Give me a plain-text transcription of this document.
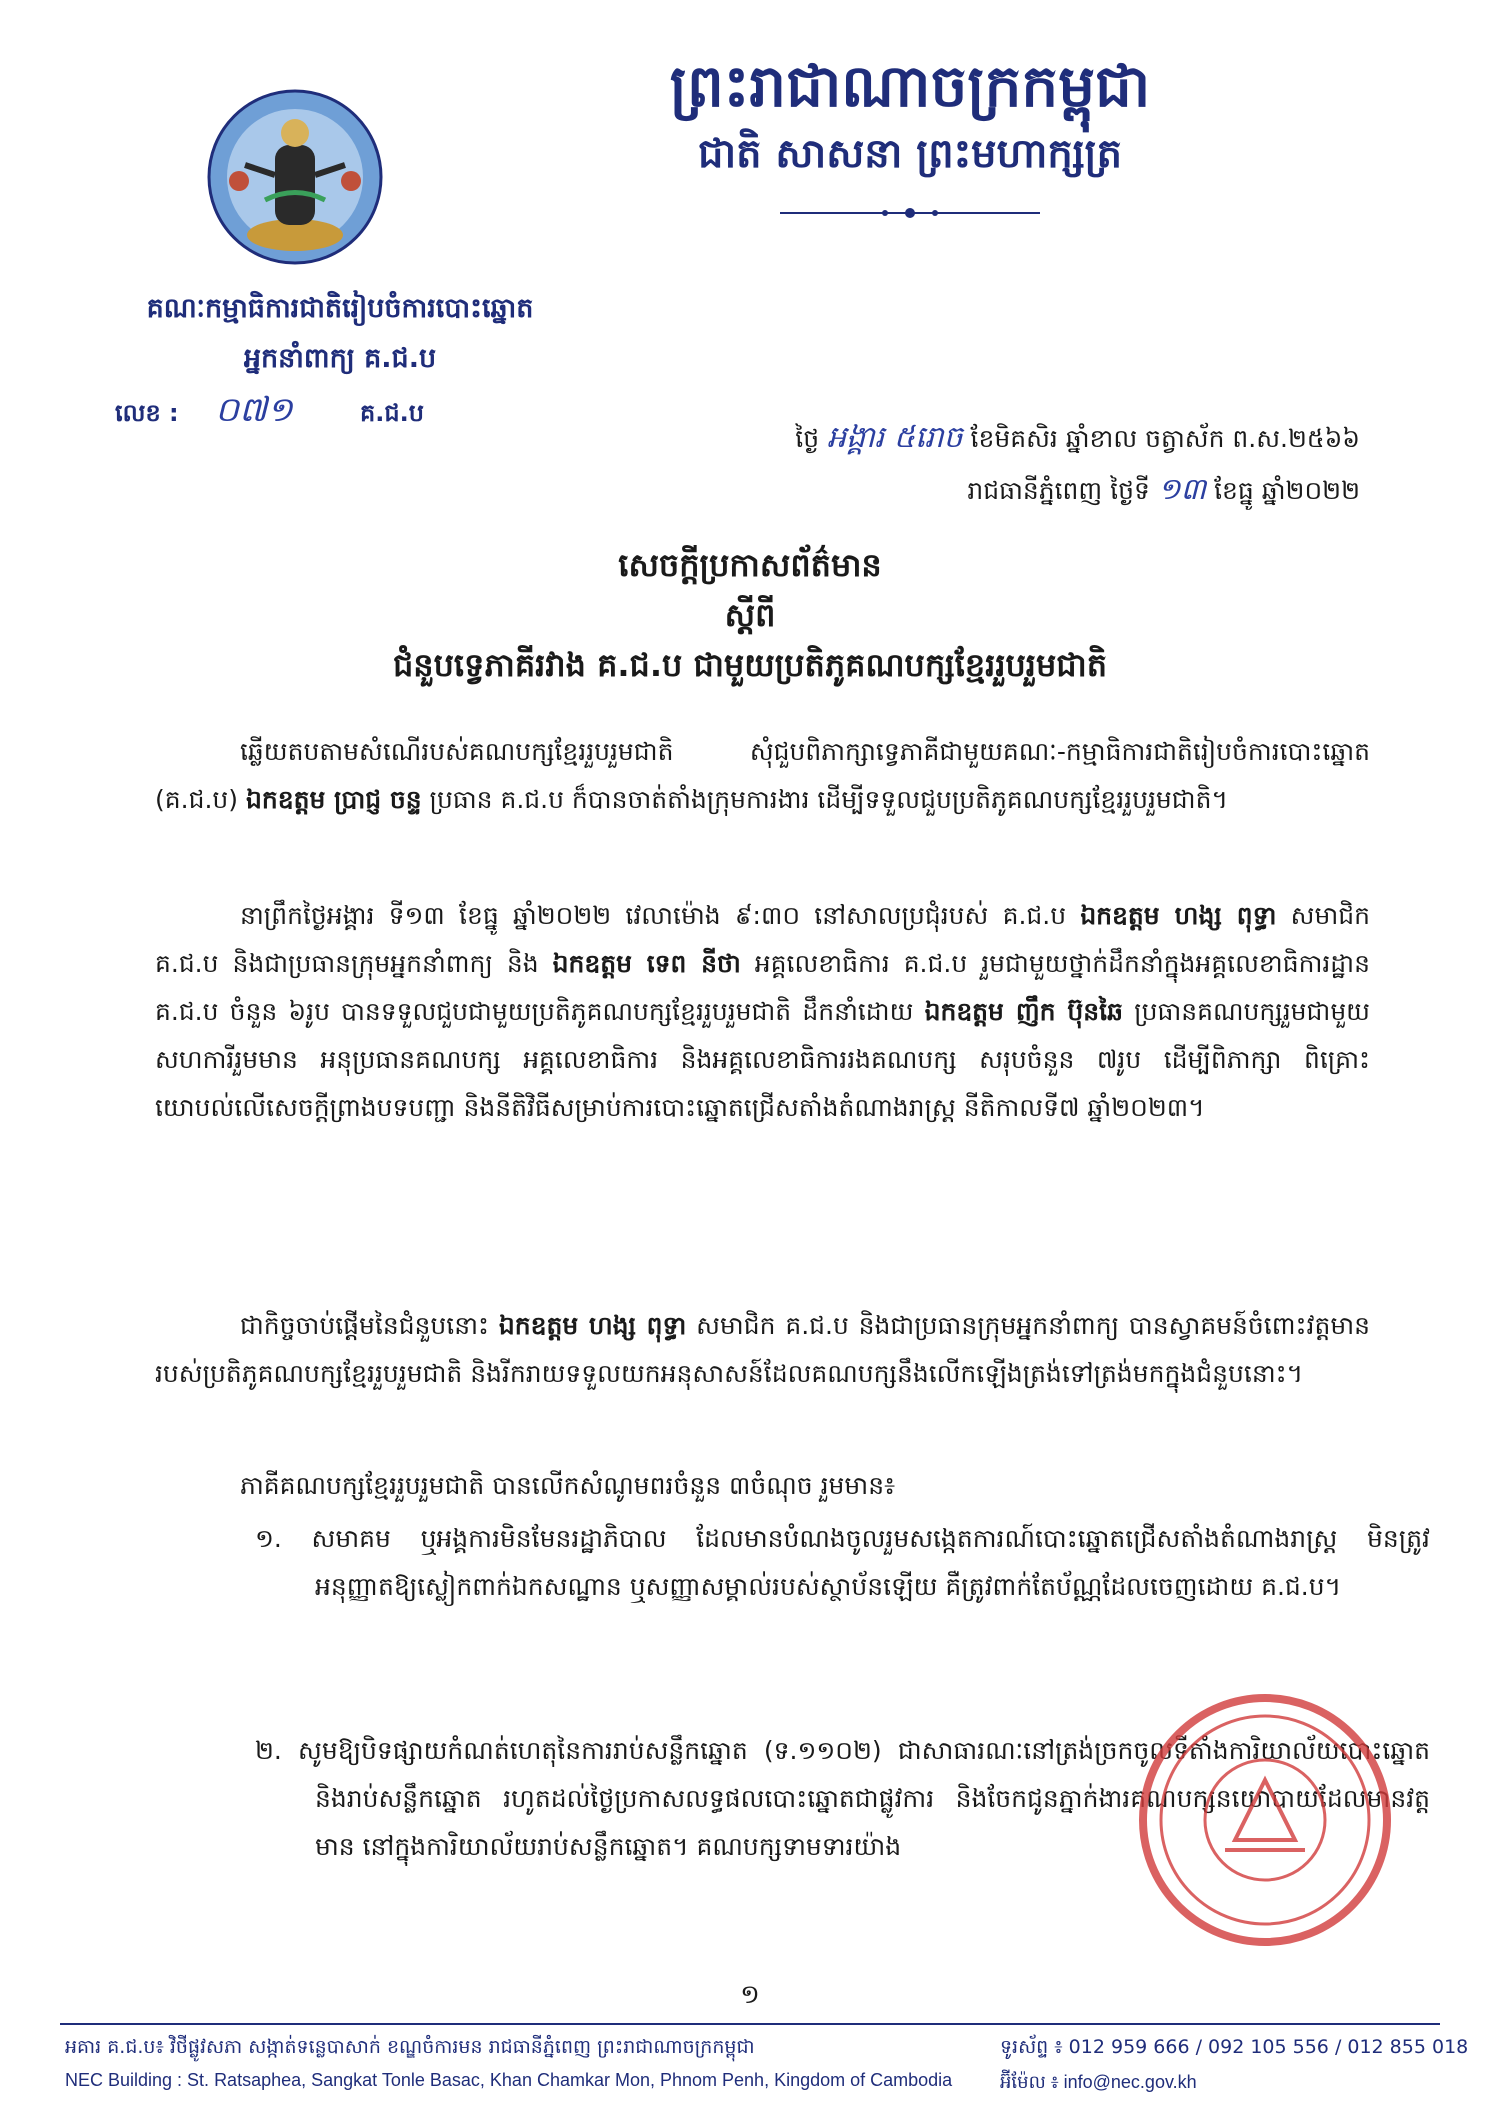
ព្រះរាជាណាចក្រកម្ពុជា
ជាតិ សាសនា ព្រះមហាក្សត្រ
គណៈកម្មាធិការជាតិរៀបចំការបោះឆ្នោត
អ្នកនាំពាក្យ គ.ជ.ប
លេខ : ០៧១	គ.ជ.ប
ថ្ងៃ អង្គារ ៥រោច ខែមិគសិរ ឆ្នាំខាល ចត្វាស័ក ព.ស.២៥៦៦
រាជធានីភ្នំពេញ ថ្ងៃទី ១៣ ខែធ្នូ ឆ្នាំ២០២២
សេចក្តីប្រកាសព័ត៌មាន
ស្តីពី
ជំនួបទ្វេភាគីរវាង គ.ជ.ប ជាមួយប្រតិភូគណបក្សខ្មែររួបរួមជាតិ
ឆ្លើយតបតាមសំណើរបស់គណបក្សខ្មែររួបរួមជាតិ សុំជួបពិភាក្សាទ្វេភាគីជាមួយគណៈ-កម្មាធិការជាតិរៀបចំការបោះឆ្នោត (គ.ជ.ប) ឯកឧត្តម ប្រាជ្ញ ចន្ទ ប្រធាន គ.ជ.ប ក៏បានចាត់តាំងក្រុមការងារ ដើម្បីទទួលជួបប្រតិភូគណបក្សខ្មែររួបរួមជាតិ។
នាព្រឹកថ្ងៃអង្គារ ទី១៣ ខែធ្នូ ឆ្នាំ២០២២ វេលាម៉ោង ៩:៣០ នៅសាលប្រជុំរបស់ គ.ជ.ប ឯកឧត្តម ហង្ស ពុទ្ធា សមាជិក គ.ជ.ប និងជាប្រធានក្រុមអ្នកនាំពាក្យ និង ឯកឧត្តម ទេព នីថា អគ្គលេខាធិការ គ.ជ.ប រួមជាមួយថ្នាក់ដឹកនាំក្នុងអគ្គលេខាធិការដ្ឋាន គ.ជ.ប ចំនួន ៦រូប បានទទួលជួបជាមួយប្រតិភូគណបក្សខ្មែររួបរួមជាតិ ដឹកនាំដោយ ឯកឧត្តម ញឹក ប៊ុនឆៃ ប្រធានគណបក្សរួមជាមួយសហការីរួមមាន អនុប្រធានគណបក្ស អគ្គលេខាធិការ និងអគ្គលេខាធិការរងគណបក្ស សរុបចំនួន ៧រូប ដើម្បីពិភាក្សា ពិគ្រោះយោបល់លើសេចក្តីព្រាងបទបញ្ជា និងនីតិវិធីសម្រាប់ការបោះឆ្នោតជ្រើសតាំងតំណាងរាស្ត្រ នីតិកាលទី៧ ឆ្នាំ២០២៣។
ជាកិច្ចចាប់ផ្តើមនៃជំនួបនោះ ឯកឧត្តម ហង្ស ពុទ្ធា សមាជិក គ.ជ.ប និងជាប្រធានក្រុមអ្នកនាំពាក្យ បានស្វាគមន៍ចំពោះវត្តមានរបស់ប្រតិភូគណបក្សខ្មែររួបរួមជាតិ និងរីករាយទទួលយកអនុសាសន៍ដែលគណបក្សនឹងលើកឡើងត្រង់ទៅត្រង់មកក្នុងជំនួបនោះ។
ភាគីគណបក្សខ្មែររួបរួមជាតិ បានលើកសំណូមពរចំនួន ៣ចំណុច រួមមាន៖
១. សមាគម ឬអង្គការមិនមែនរដ្ឋាភិបាល ដែលមានបំណងចូលរួមសង្កេតការណ៍បោះឆ្នោតជ្រើសតាំងតំណាងរាស្ត្រ មិនត្រូវអនុញ្ញាតឱ្យស្លៀកពាក់ឯកសណ្ឋាន ឬសញ្ញាសម្គាល់របស់ស្ថាប័នឡើយ គឺត្រូវពាក់តែប័ណ្ណដែលចេញដោយ គ.ជ.ប។
២. សូមឱ្យបិទផ្សាយកំណត់ហេតុនៃការរាប់សន្លឹកឆ្នោត (ទ.១១០២) ជាសាធារណៈនៅត្រង់ច្រកចូលទីតាំងការិយាល័យបោះឆ្នោត និងរាប់សន្លឹកឆ្នោត រហូតដល់ថ្ងៃប្រកាសលទ្ធផលបោះឆ្នោតជាផ្លូវការ និងចែកជូនភ្នាក់ងារគណបក្សនយោបាយដែលមានវត្តមាន នៅក្នុងការិយាល័យរាប់សន្លឹកឆ្នោត។ គណបក្សទាមទារយ៉ាង
១
អគារ គ.ជ.ប៖ វិថីផ្លូវសភា សង្កាត់ទន្លេបាសាក់ ខណ្ឌចំការមន រាជធានីភ្នំពេញ ព្រះរាជាណាចក្រកម្ពុជា	ទូរស័ព្ទ ៖ 012 959 666 / 092 105 556 / 012 855 018
NEC Building : St. Ratsaphea, Sangkat Tonle Basac, Khan Chamkar Mon, Phnom Penh, Kingdom of Cambodia	អ៊ីម៉ែល ៖ info@nec.gov.kh
